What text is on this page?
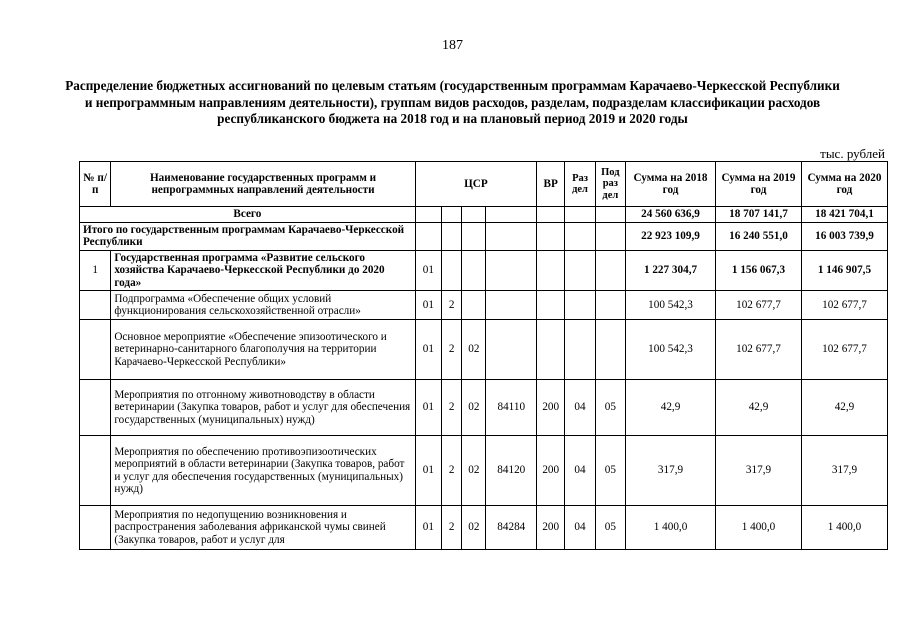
187
Распределение бюджетных ассигнований по целевым статьям (государственным программам Карачаево-Черкесской Республики и непрограммным направлениям деятельности), группам видов расходов, разделам, подразделам классификации расходов республиканского бюджета на 2018 год и на плановый период 2019 и 2020 годы
тыс. рублей
№ п/п	Наименование государственных программ и непрограммных направлений деятельности	ЦСР				ВР	Раз дел	Под раз дел	Сумма на 2018 год	Сумма на 2019 год	Сумма на 2020 год
Всего									24 560 636,9	18 707 141,7	18 421 704,1
Итого по государственным программам Карачаево-Черкесской Республики									22 923 109,9	16 240 551,0	16 003 739,9
1	Государственная программа «Развитие сельского хозяйства Карачаево-Черкесской Республики до 2020 года»	01							1 227 304,7	1 156 067,3	1 146 907,5
	Подпрограмма «Обеспечение общих условий функционирования сельскохозяйственной отрасли»	01	2						100 542,3	102 677,7	102 677,7
	Основное мероприятие «Обеспечение эпизоотического и ветеринарно-санитарного благополучия на территории Карачаево-Черкесской Республики»	01	2	02					100 542,3	102 677,7	102 677,7
	Мероприятия по отгонному животноводству в области ветеринарии (Закупка товаров, работ и услуг для обеспечения государственных (муниципальных) нужд)	01	2	02	84110	200	04	05	42,9	42,9	42,9
	Мероприятия по обеспечению противоэпизоотических мероприятий в области ветеринарии (Закупка товаров, работ и услуг для обеспечения государственных (муниципальных) нужд)	01	2	02	84120	200	04	05	317,9	317,9	317,9
	Мероприятия по недопущению возникновения и распространения заболевания африканской чумы свиней (Закупка товаров, работ и услуг для	01	2	02	84284	200	04	05	1 400,0	1 400,0	1 400,0
